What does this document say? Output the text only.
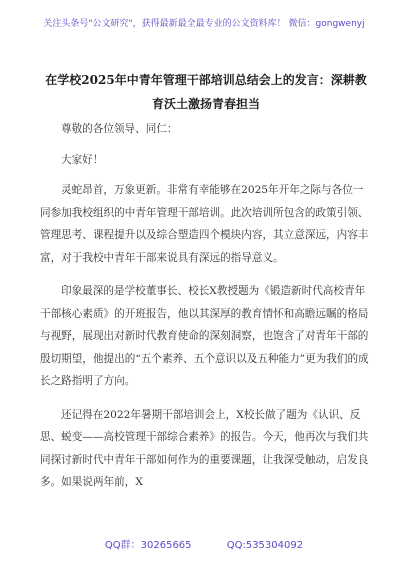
关注头条号"公文研究"，获得最新最全最专业的公文资料库！ 微信：gongwenyj
在学校2025年中青年管理干部培训总结会上的发言：深耕教育沃土激扬青春担当

尊敬的各位领导、同仁：

大家好！

灵蛇昂首，万象更新。非常有幸能够在2025年开年之际与各位一同参加我校组织的中青年管理干部培训。此次培训所包含的政策引领、管理思考、课程提升以及综合塑造四个模块内容，其立意深远，内容丰富，对于我校中青年干部来说具有深远的指导意义。

印象最深的是学校董事长、校长X教授题为《锻造新时代高校青年干部核心素质》的开班报告，他以其深厚的教育情怀和高瞻远瞩的格局与视野，展现出对新时代教育使命的深刻洞察，也饱含了对青年干部的殷切期望，他提出的“五个素养、五个意识以及五种能力”更为我们的成长之路指明了方向。

还记得在2022年暑期干部培训会上，X校长做了题为《认识、反思、蜕变——高校管理干部综合素养》的报告。今天，他再次与我们共同探讨新时代中青年干部如何作为的重要课题，让我深受触动，启发良多。如果说两年前，X

QQ群：30265665	QQ:535304092
